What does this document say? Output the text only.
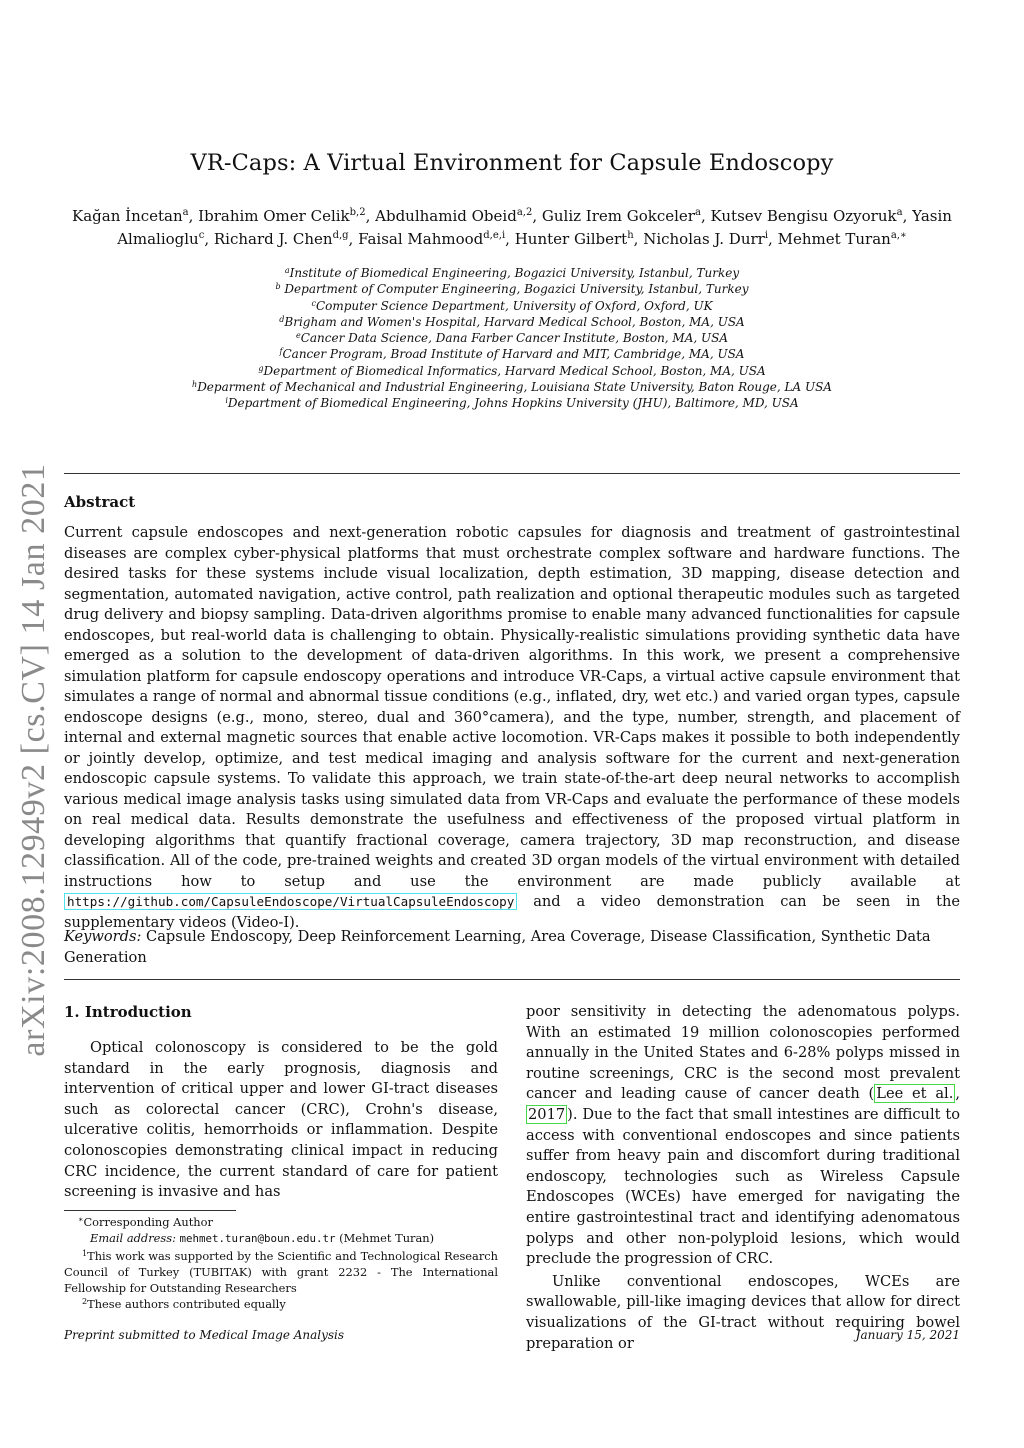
arXiv:2008.12949v2 [cs.CV] 14 Jan 2021
VR-Caps: A Virtual Environment for Capsule Endoscopy
Kağan İncetan$^a$, Ibrahim Omer Celik$^{b,2}$, Abdulhamid Obeid$^{a,2}$, Guliz Irem Gokceler$^a$, Kutsev Bengisu Ozyoruk$^a$, Yasin Almalioglu$^c$, Richard J. Chen$^{d,g}$, Faisal Mahmood$^{d,e,i}$, Hunter Gilbert$^h$, Nicholas J. Durr$^i$, Mehmet Turan$^{a,∗}$
$^a$Institute of Biomedical Engineering, Bogazici University, Istanbul, Turkey
$^b$ Department of Computer Engineering, Bogazici University, Istanbul, Turkey
$^c$Computer Science Department, University of Oxford, Oxford, UK
$^d$Brigham and Women's Hospital, Harvard Medical School, Boston, MA, USA
$^e$Cancer Data Science, Dana Farber Cancer Institute, Boston, MA, USA
$^f$Cancer Program, Broad Institute of Harvard and MIT, Cambridge, MA, USA
$^g$Department of Biomedical Informatics, Harvard Medical School, Boston, MA, USA
$^h$Deparment of Mechanical and Industrial Engineering, Louisiana State University, Baton Rouge, LA USA
$^i$Department of Biomedical Engineering, Johns Hopkins University (JHU), Baltimore, MD, USA
Abstract
Current capsule endoscopes and next-generation robotic capsules for diagnosis and treatment of gastrointestinal diseases are complex cyber-physical platforms that must orchestrate complex software and hardware functions. The desired tasks for these systems include visual localization, depth estimation, 3D mapping, disease detection and segmentation, automated navigation, active control, path realization and optional therapeutic modules such as targeted drug delivery and biopsy sampling. Data-driven algorithms promise to enable many advanced functionalities for capsule endoscopes, but real-world data is challenging to obtain. Physically-realistic simulations providing synthetic data have emerged as a solution to the development of data-driven algorithms. In this work, we present a comprehensive simulation platform for capsule endoscopy operations and introduce VR-Caps, a virtual active capsule environment that simulates a range of normal and abnormal tissue conditions (e.g., inflated, dry, wet etc.) and varied organ types, capsule endoscope designs (e.g., mono, stereo, dual and 360°camera), and the type, number, strength, and placement of internal and external magnetic sources that enable active locomotion. VR-Caps makes it possible to both independently or jointly develop, optimize, and test medical imaging and analysis software for the current and next-generation endoscopic capsule systems. To validate this approach, we train state-of-the-art deep neural networks to accomplish various medical image analysis tasks using simulated data from VR-Caps and evaluate the performance of these models on real medical data. Results demonstrate the usefulness and effectiveness of the proposed virtual platform in developing algorithms that quantify fractional coverage, camera trajectory, 3D map reconstruction, and disease classification. All of the code, pre-trained weights and created 3D organ models of the virtual environment with detailed instructions how to setup and use the environment are made publicly available at https://github.com/CapsuleEndoscope/VirtualCapsuleEndoscopy and a video demonstration can be seen in the supplementary videos (Video-I).
Keywords: Capsule Endoscopy, Deep Reinforcement Learning, Area Coverage, Disease Classification, Synthetic Data Generation
1. Introduction

Optical colonoscopy is considered to be the gold standard in the early prognosis, diagnosis and intervention of critical upper and lower GI-tract diseases such as colorectal cancer (CRC), Crohn's disease, ulcerative colitis, hemorrhoids or inflammation. Despite colonoscopies demonstrating clinical impact in reducing CRC incidence, the current standard of care for patient screening is invasive and has

poor sensitivity in detecting the adenomatous polyps. With an estimated 19 million colonoscopies performed annually in the United States and 6-28% polyps missed in routine screenings, CRC is the second most prevalent cancer and leading cause of cancer death ( Lee et al. , 2017 ). Due to the fact that small intestines are difficult to access with conventional endoscopes and since patients suffer from heavy pain and discomfort during traditional endoscopy, technologies such as Wireless Capsule Endoscopes (WCEs) have emerged for navigating the entire gastrointestinal tract and identifying adenomatous polyps and other non-polyploid lesions, which would preclude the progression of CRC.

Unlike conventional endoscopes, WCEs are swallowable, pill-like imaging devices that allow for direct visualizations of the GI-tract without requiring bowel preparation or

∗Corresponding Author

Email address: mehmet.turan@boun.edu.tr (Mehmet Turan)

$^1$This work was supported by the Scientific and Technological Research Council of Turkey (TUBITAK) with grant 2232 - The International Fellowship for Outstanding Researchers

$^2$These authors contributed equally

Preprint submitted to Medical Image Analysis	January 15, 2021
